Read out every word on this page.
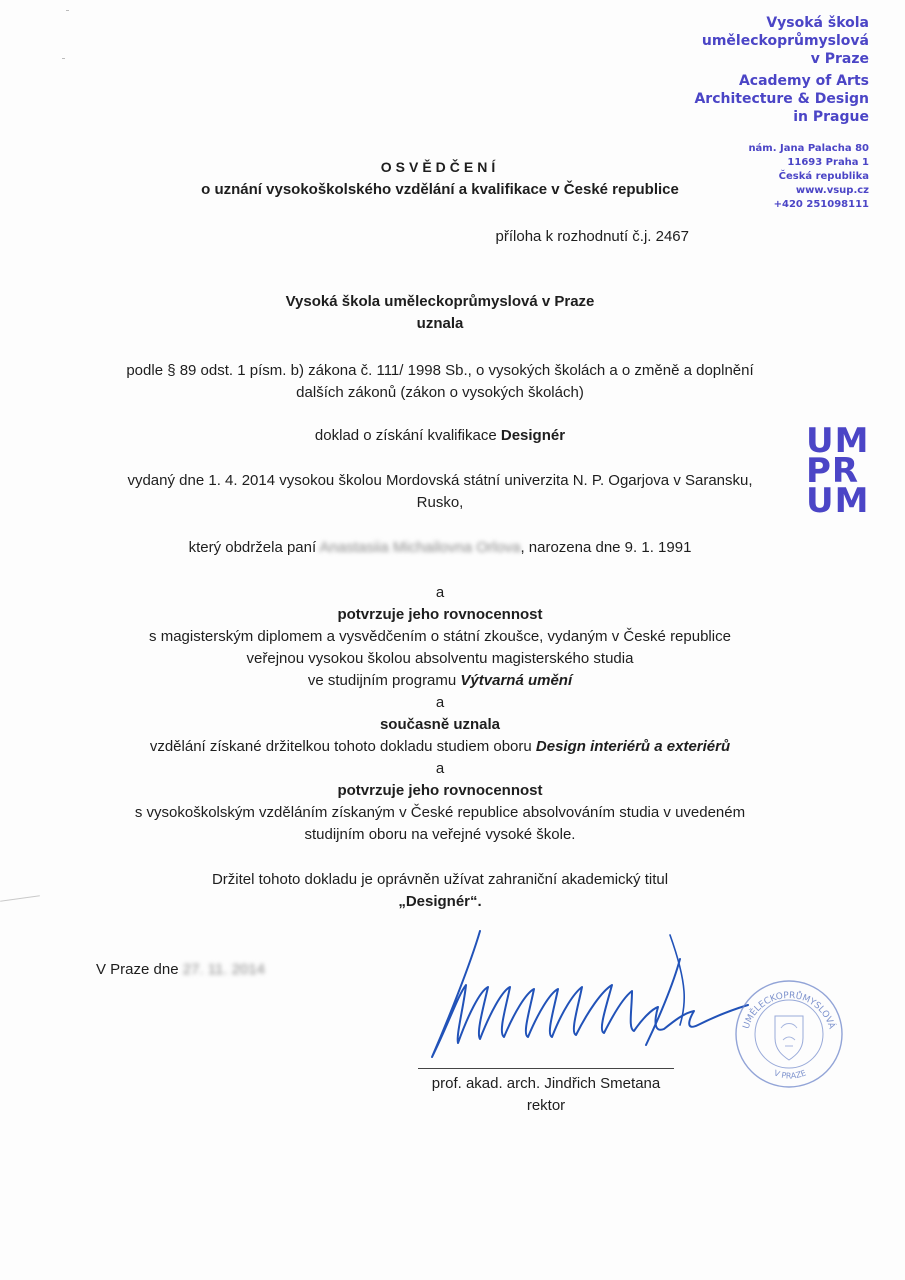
Vysoká škola
uměleckoprůmyslová
v Praze
Academy of Arts
Architecture & Design
in Prague
nám. Jana Palacha 80
11693 Praha 1
Česká republika
www.vsup.cz
+420 251098111
UM
PR
UM
OSVĚDČENÍ
o uznání vysokoškolského vzdělání a kvalifikace v České republice
příloha k rozhodnutí č.j. 2467
Vysoká škola uměleckoprůmyslová v Praze
uznala
podle § 89 odst. 1 písm. b) zákona č. 111/ 1998 Sb., o vysokých školách a o změně a doplnění
dalších zákonů (zákon o vysokých školách)
doklad o získání kvalifikace Designér
vydaný dne 1. 4. 2014 vysokou školou Mordovská státní univerzita N. P. Ogarjova v Saransku,
Rusko,
který obdržela paní Anastasiia Michailovna Orlova, narozena dne 9. 1. 1991
a
potvrzuje jeho rovnocennost
s magisterským diplomem a vysvědčením o státní zkoušce, vydaným v České republice
veřejnou vysokou školou absolventu magisterského studia
ve studijním programu Výtvarná umění
a
současně uznala
vzdělání získané držitelkou tohoto dokladu studiem oboru Design interiérů a exteriérů
a
potvrzuje jeho rovnocennost
s vysokoškolským vzděláním získaným v České republice absolvováním studia v uvedeném
studijním oboru na veřejné vysoké škole.
Držitel tohoto dokladu je oprávněn užívat zahraniční akademický titul
„Designér“.
V Praze dne 27. 11. 2014
prof. akad. arch. Jindřich Smetana
rektor
UMĚLECKOPRŮMYSLOVÁ
V PRAZE
